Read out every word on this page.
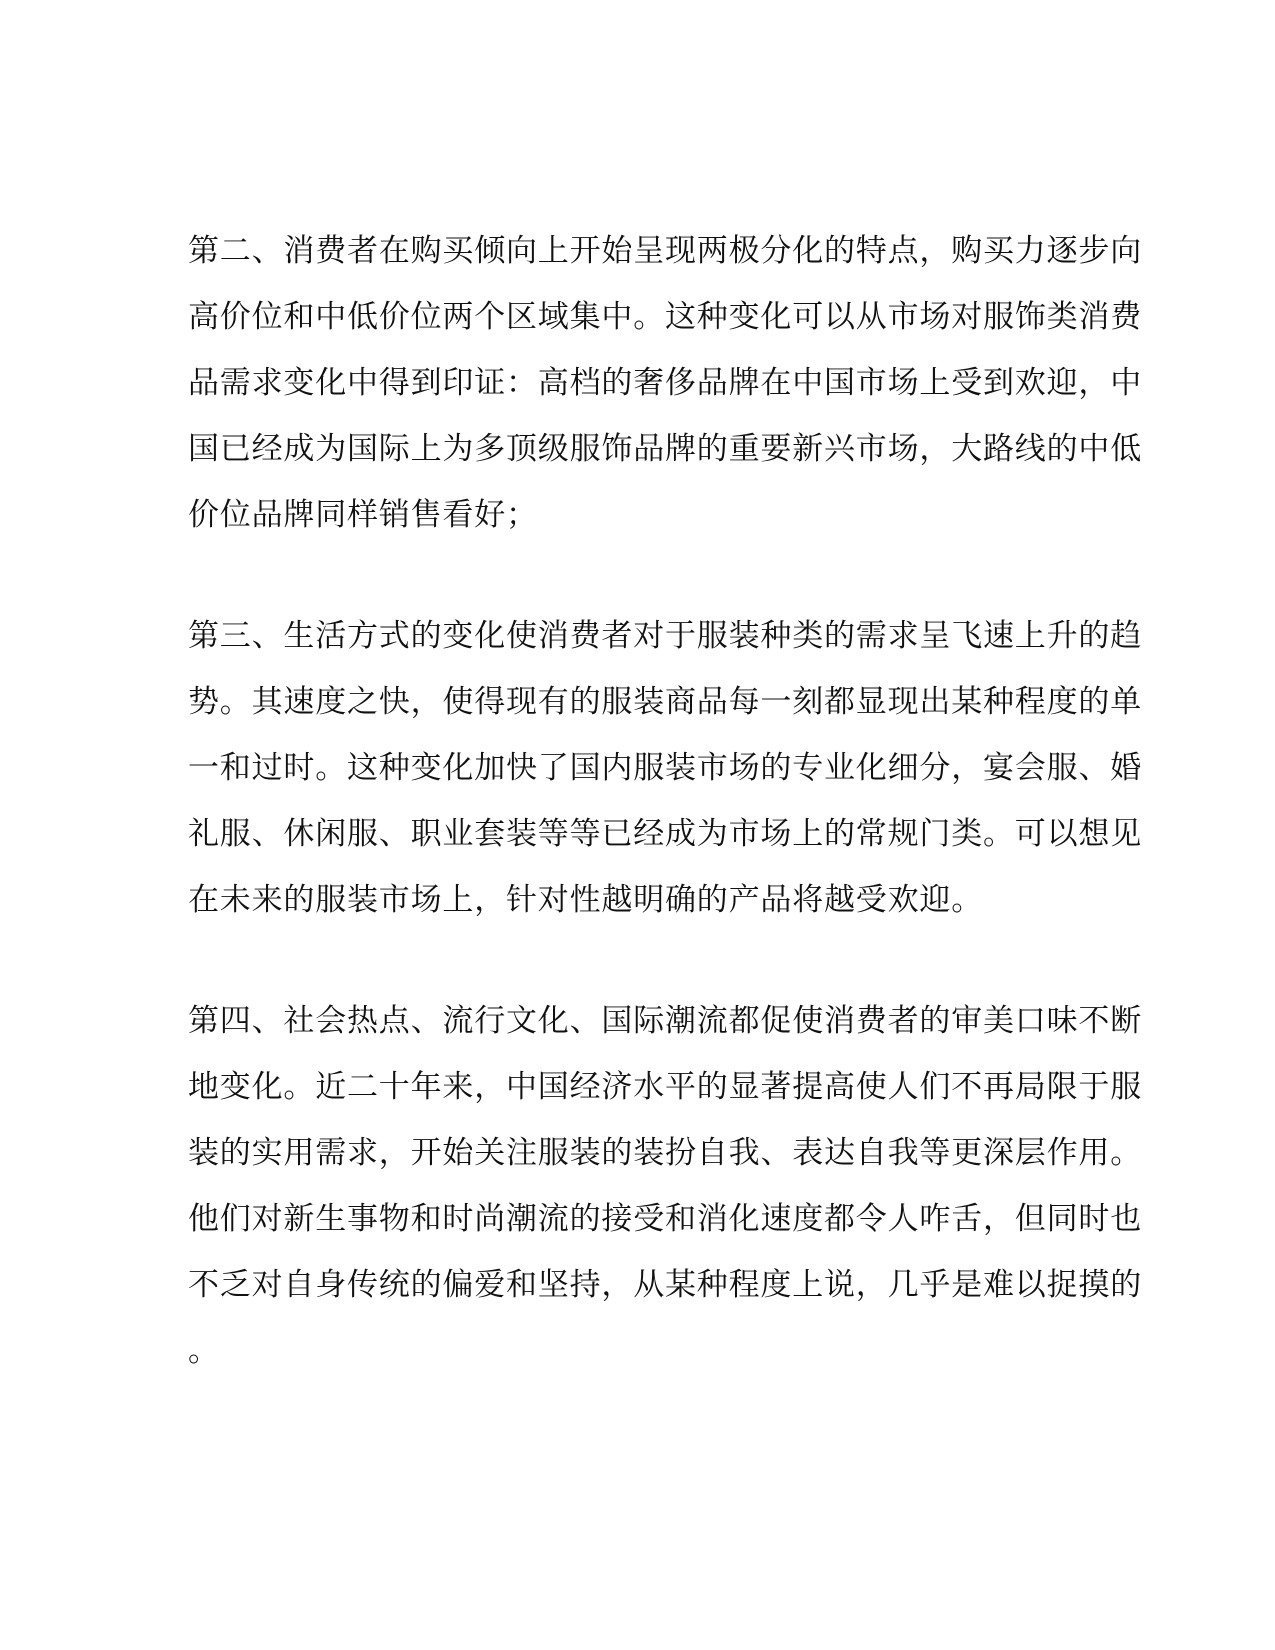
第二、消费者在购买倾向上开始呈现两极分化的特点，购买力逐步向
高价位和中低价位两个区域集中。这种变化可以从市场对服饰类消费
品需求变化中得到印证：高档的奢侈品牌在中国市场上受到欢迎，中
国已经成为国际上为多顶级服饰品牌的重要新兴市场，大路线的中低
价位品牌同样销售看好；
第三、生活方式的变化使消费者对于服装种类的需求呈飞速上升的趋
势。其速度之快，使得现有的服装商品每一刻都显现出某种程度的单
一和过时。这种变化加快了国内服装市场的专业化细分，宴会服、婚
礼服、休闲服、职业套装等等已经成为市场上的常规门类。可以想见
在未来的服装市场上，针对性越明确的产品将越受欢迎。
第四、社会热点、流行文化、国际潮流都促使消费者的审美口味不断
地变化。近二十年来，中国经济水平的显著提高使人们不再局限于服
装的实用需求，开始关注服装的装扮自我、表达自我等更深层作用。
他们对新生事物和时尚潮流的接受和消化速度都令人咋舌，但同时也
不乏对自身传统的偏爱和坚持，从某种程度上说，几乎是难以捉摸的
。
